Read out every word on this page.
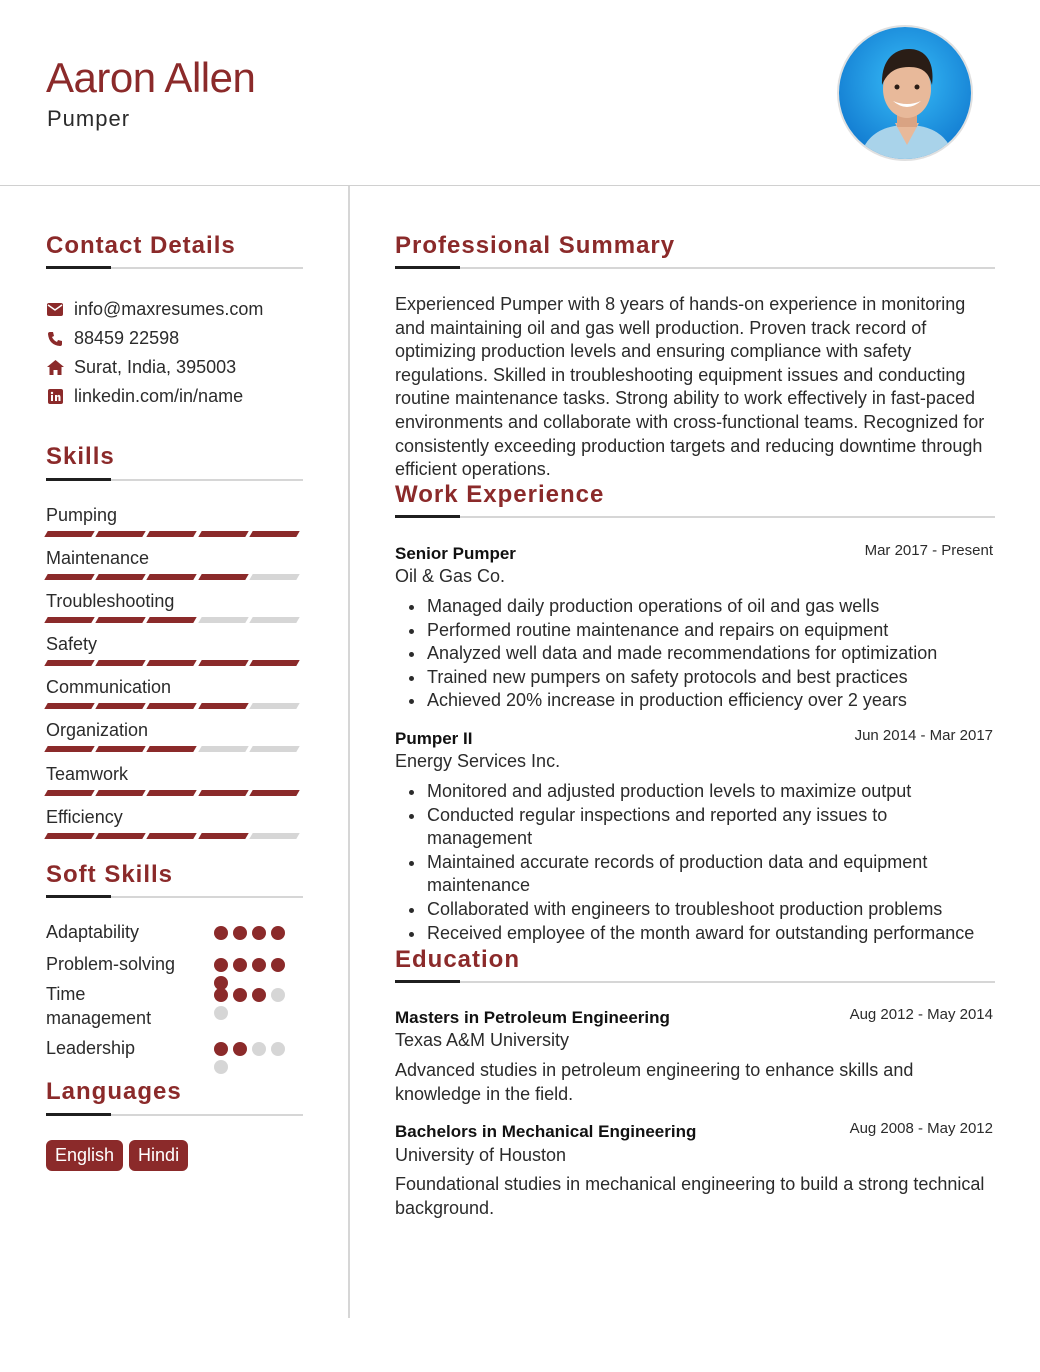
Aaron Allen
Pumper
Contact Details
info@maxresumes.com
88459 22598
Surat, India, 395003
linkedin.com/in/name
Skills
Pumping
Maintenance
Troubleshooting
Safety
Communication
Organization
Teamwork
Efficiency
Soft Skills
Adaptability
Problem-solving
Time management
Leadership
Languages
English	Hindi
Professional Summary
Experienced Pumper with 8 years of hands-on experience in monitoring and maintaining oil and gas well production. Proven track record of optimizing production levels and ensuring compliance with safety regulations. Skilled in troubleshooting equipment issues and conducting routine maintenance tasks. Strong ability to work effectively in fast-paced environments and collaborate with cross-functional teams. Recognized for consistently exceeding production targets and reducing downtime through efficient operations.
Work Experience
Senior Pumper	Mar 2017 - Present
Oil & Gas Co.
Managed daily production operations of oil and gas wells
Performed routine maintenance and repairs on equipment
Analyzed well data and made recommendations for optimization
Trained new pumpers on safety protocols and best practices
Achieved 20% increase in production efficiency over 2 years
Pumper II	Jun 2014 - Mar 2017
Energy Services Inc.
Monitored and adjusted production levels to maximize output
Conducted regular inspections and reported any issues to management
Maintained accurate records of production data and equipment maintenance
Collaborated with engineers to troubleshoot production problems
Received employee of the month award for outstanding performance
Education
Masters in Petroleum Engineering	Aug 2012 - May 2014
Texas A&M University
Advanced studies in petroleum engineering to enhance skills and knowledge in the field.
Bachelors in Mechanical Engineering	Aug 2008 - May 2012
University of Houston
Foundational studies in mechanical engineering to build a strong technical background.
